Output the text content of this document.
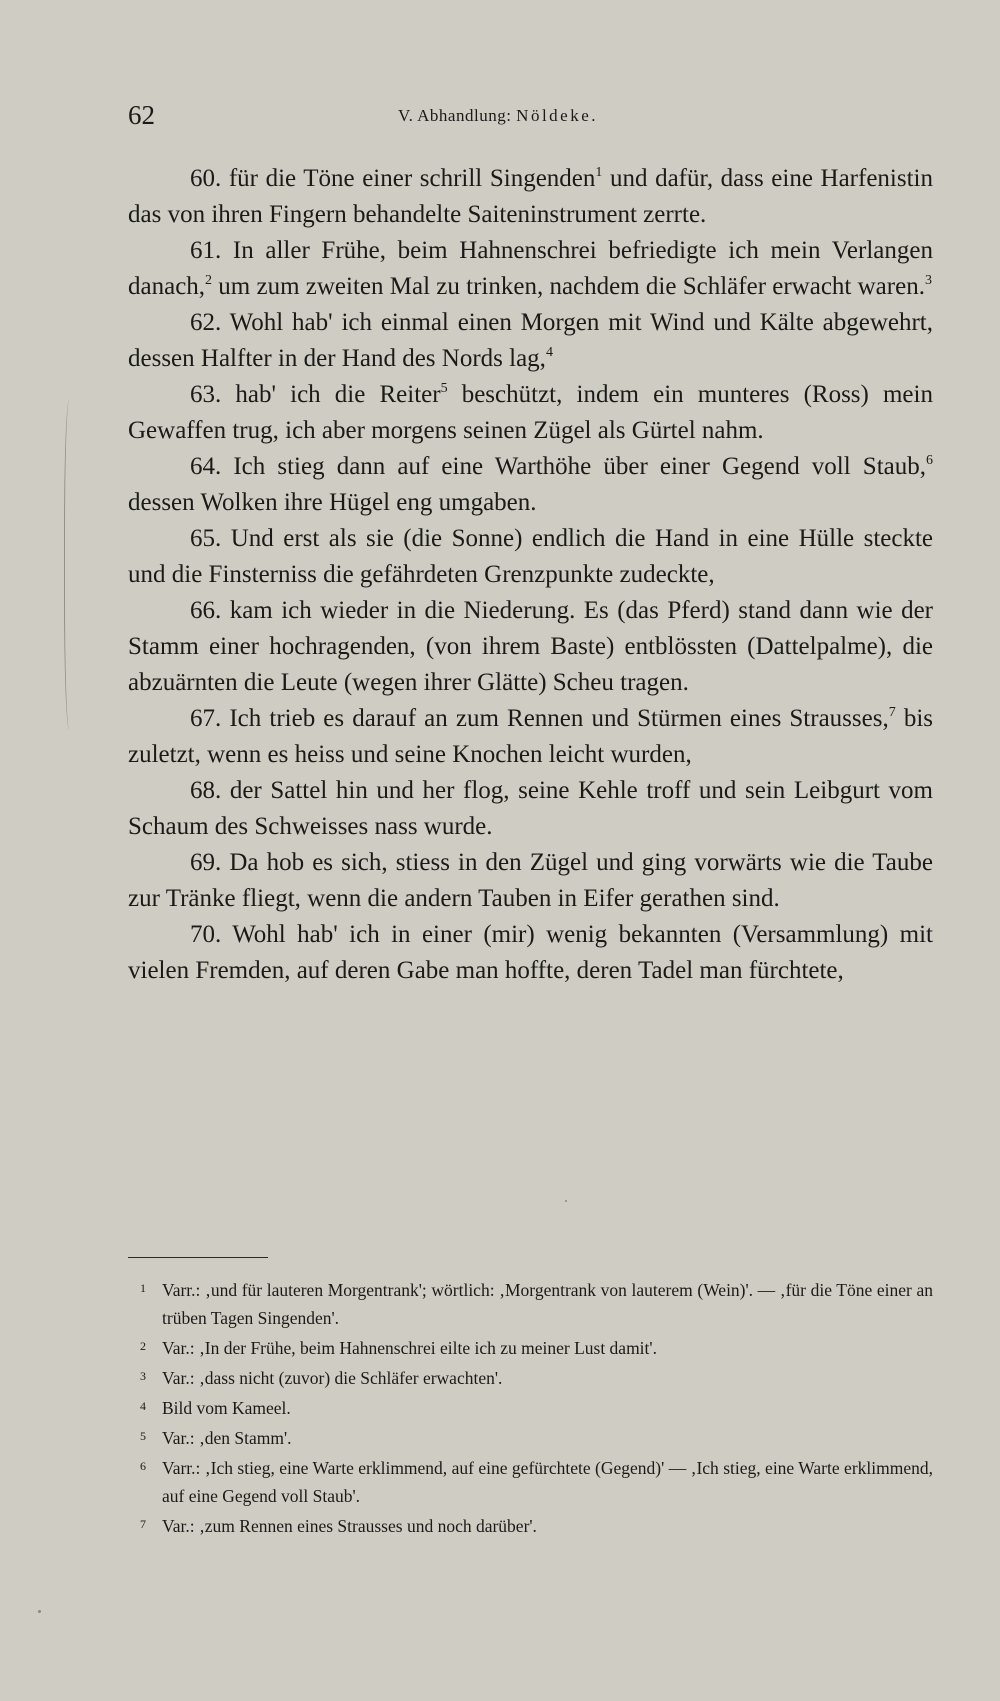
62	V. Abhandlung: Nöldeke.

60. für die Töne einer schrill Singenden$^1$ und dafür, dass eine Harfenistin das von ihren Fingern behandelte Saiteninstrument zerrte.

61. In aller Frühe, beim Hahnenschrei befriedigte ich mein Verlangen danach,$^2$ um zum zweiten Mal zu trinken, nachdem die Schläfer erwacht waren.$^3$

62. Wohl hab' ich einmal einen Morgen mit Wind und Kälte abgewehrt, dessen Halfter in der Hand des Nords lag,$^4$

63. hab' ich die Reiter$^5$ beschützt, indem ein munteres (Ross) mein Gewaffen trug, ich aber morgens seinen Zügel als Gürtel nahm.

64. Ich stieg dann auf eine Warthöhe über einer Gegend voll Staub,$^6$ dessen Wolken ihre Hügel eng umgaben.

65. Und erst als sie (die Sonne) endlich die Hand in eine Hülle steckte und die Finsterniss die gefährdeten Grenzpunkte zudeckte,

66. kam ich wieder in die Niederung. Es (das Pferd) stand dann wie der Stamm einer hochragenden, (von ihrem Baste) entblössten (Dattelpalme), die abzuärnten die Leute (wegen ihrer Glätte) Scheu tragen.

67. Ich trieb es darauf an zum Rennen und Stürmen eines Strausses,$^7$ bis zuletzt, wenn es heiss und seine Knochen leicht wurden,

68. der Sattel hin und her flog, seine Kehle troff und sein Leibgurt vom Schaum des Schweisses nass wurde.

69. Da hob es sich, stiess in den Zügel und ging vorwärts wie die Taube zur Tränke fliegt, wenn die andern Tauben in Eifer gerathen sind.

70. Wohl hab' ich in einer (mir) wenig bekannten (Versammlung) mit vielen Fremden, auf deren Gabe man hoffte, deren Tadel man fürchtete,

1 Varr.: ‚und für lauteren Morgentrank'; wörtlich: ‚Morgentrank von lauterem (Wein)'. — ‚für die Töne einer an trüben Tagen Singenden'.

2 Var.: ‚In der Frühe, beim Hahnenschrei eilte ich zu meiner Lust damit'.

3 Var.: ‚dass nicht (zuvor) die Schläfer erwachten'.

4 Bild vom Kameel.

5 Var.: ‚den Stamm'.

6 Varr.: ‚Ich stieg, eine Warte erklimmend, auf eine gefürchtete (Gegend)' — ‚Ich stieg, eine Warte erklimmend, auf eine Gegend voll Staub'.

7 Var.: ‚zum Rennen eines Strausses und noch darüber'.
